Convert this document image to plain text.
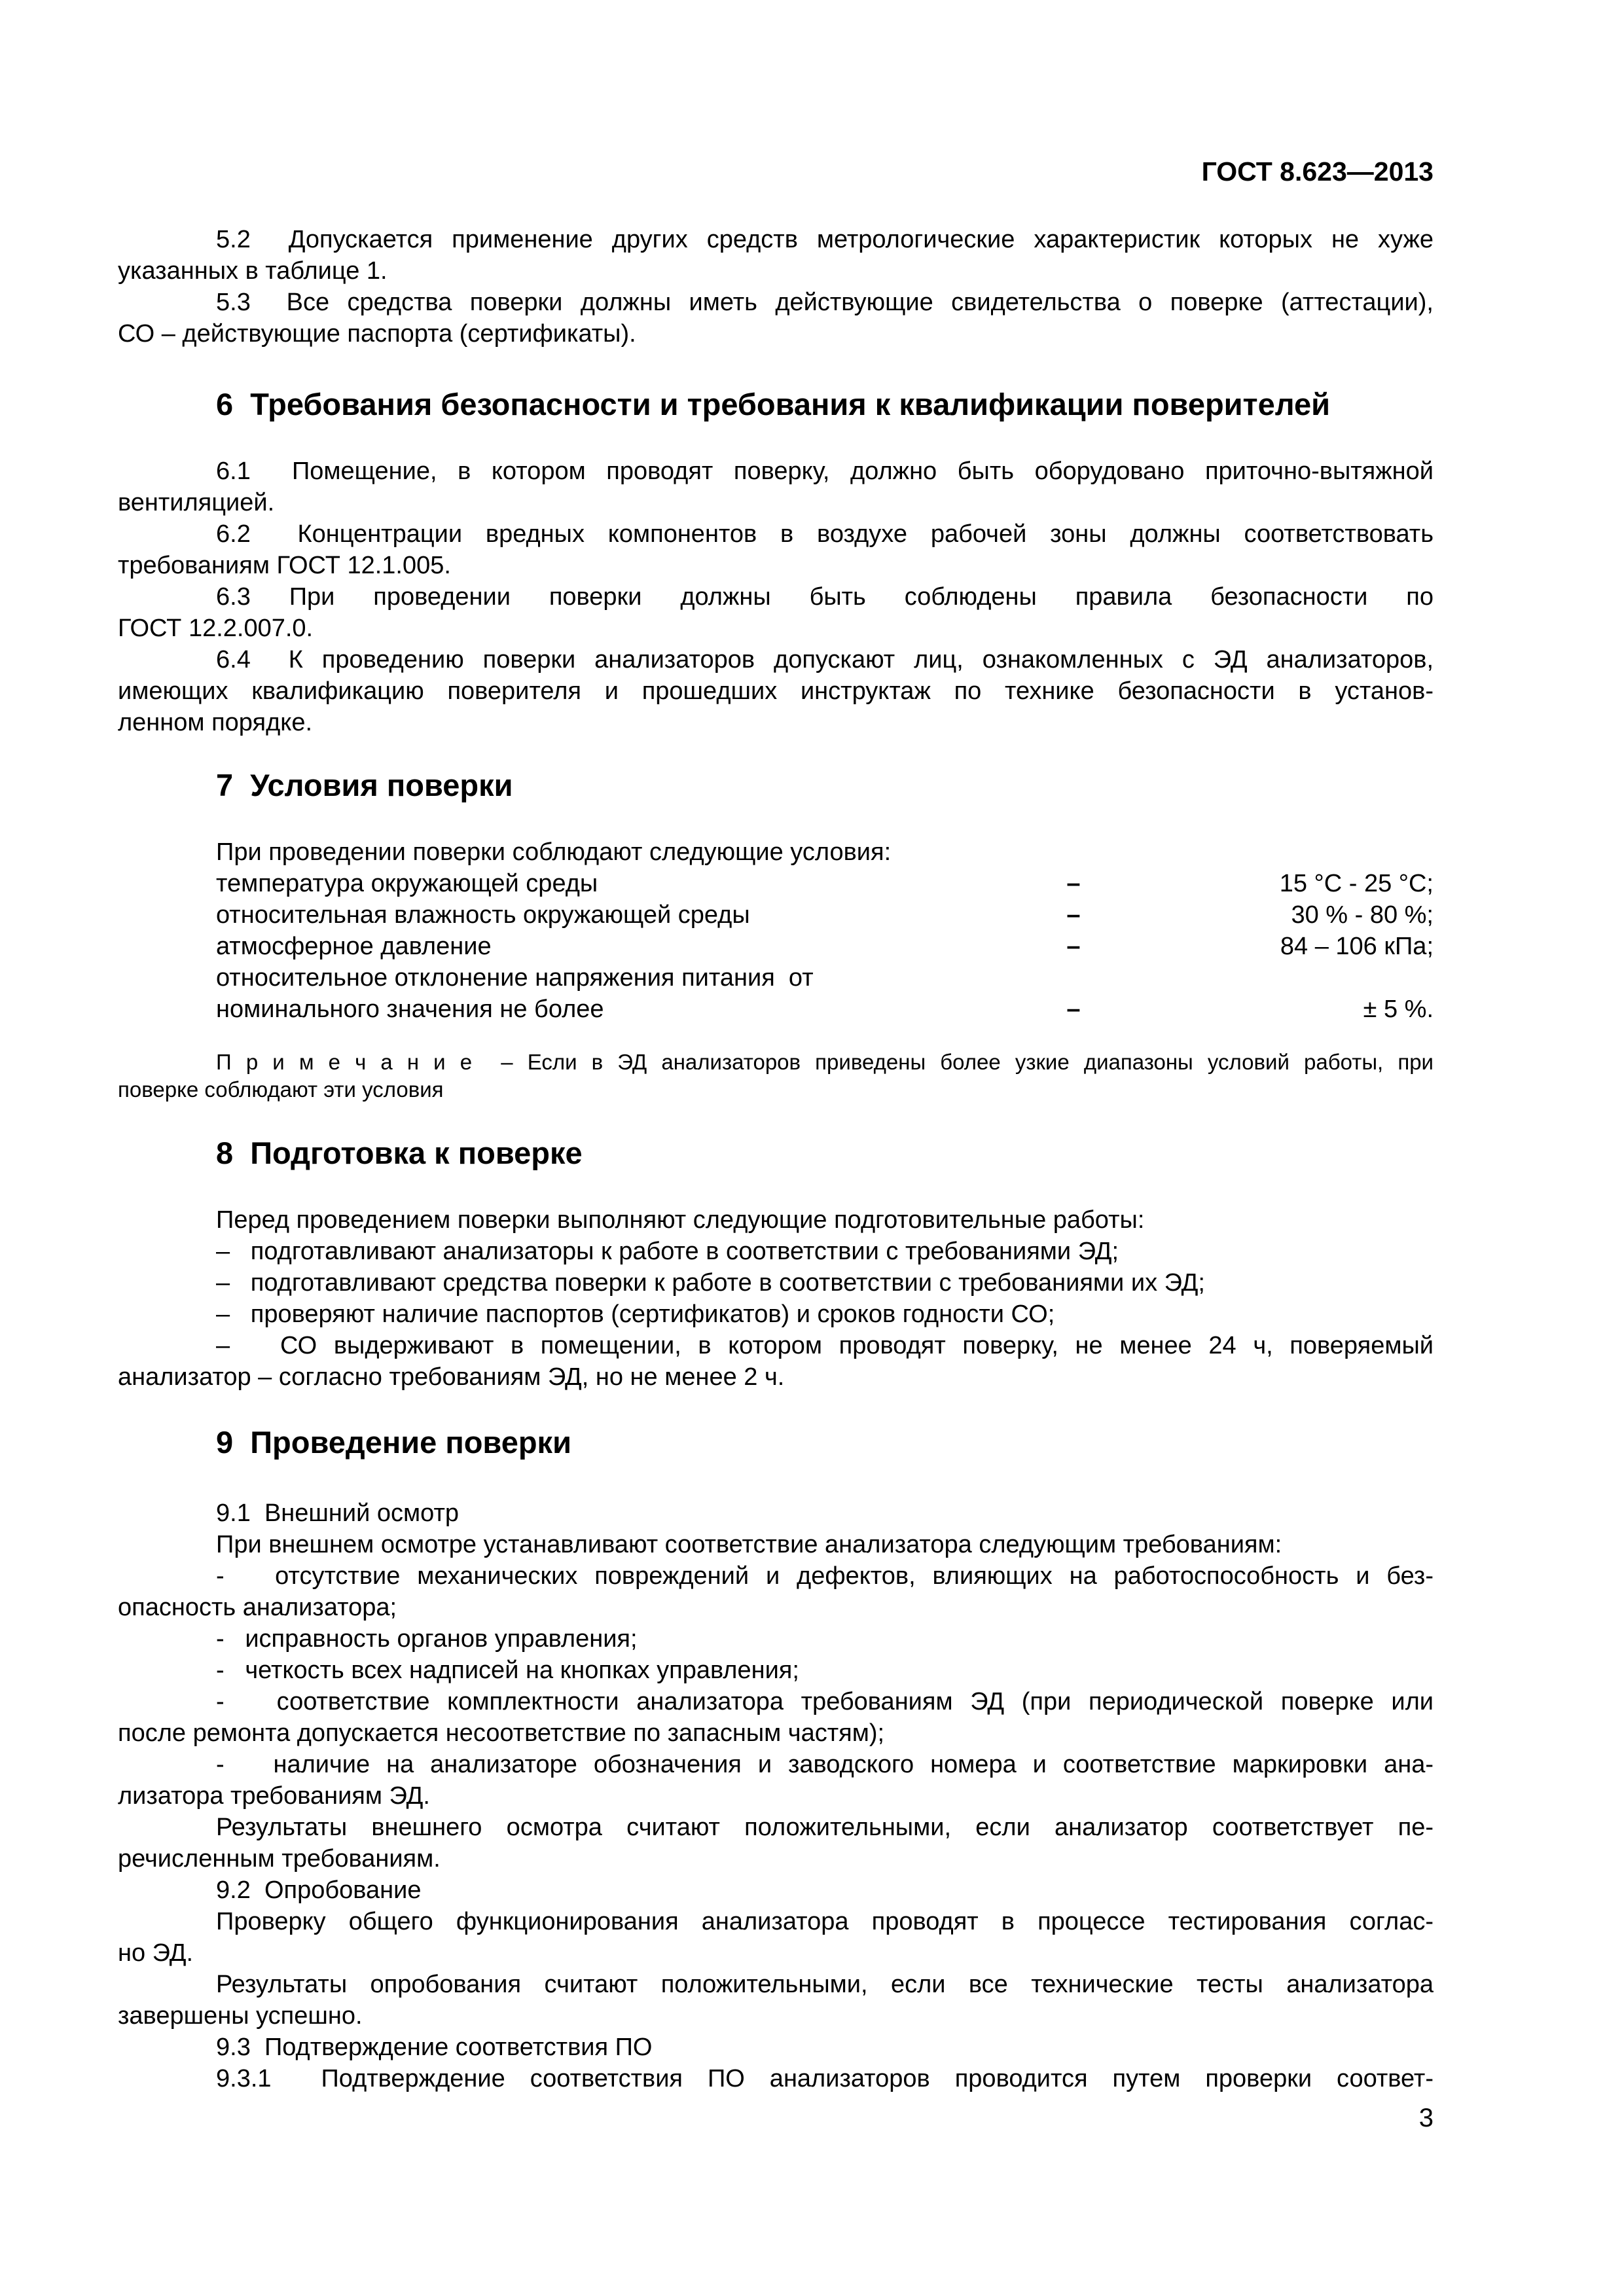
ГОСТ 8.623—2013
5.2  Допускается применение других средств метрологические характеристик которых не хуже
указанных в таблице 1.
5.3  Все средства поверки должны иметь действующие свидетельства о поверке (аттестации),
СО – действующие паспорта (сертификаты).
6  Требования безопасности и требования к квалификации поверителей
6.1  Помещение, в котором проводят поверку, должно быть оборудовано приточно-вытяжной
вентиляцией.
6.2  Концентрации вредных компонентов в воздухе рабочей зоны должны соответствовать
требованиям ГОСТ 12.1.005.
6.3 При проведении поверки должны быть соблюдены правила безопасности по
ГОСТ 12.2.007.0.
6.4  К проведению поверки анализаторов допускают лиц, ознакомленных с ЭД анализаторов,
имеющих квалификацию поверителя и прошедших инструктаж по технике безопасности в установ-
ленном порядке.
7  Условия поверки
При проведении поверки соблюдают следующие условия:
температура окружающей среды	–	15 °С - 25 °С;
относительная влажность окружающей среды	–	30 % - 80 %;
атмосферное давление	–	84 – 106 кПа;
относительное отклонение напряжения питания  от
номинального значения не более	–	± 5 %.
П р и м е ч а н и е  – Если в ЭД анализаторов приведены более узкие диапазоны условий работы, при
поверке соблюдают эти условия
8  Подготовка к поверке
Перед проведением поверки выполняют следующие подготовительные работы:
–   подготавливают анализаторы к работе в соответствии с требованиями ЭД;
–   подготавливают средства поверки к работе в соответствии с требованиями их ЭД;
–   проверяют наличие паспортов (сертификатов) и сроков годности СО;
–   СО выдерживают в помещении, в котором проводят поверку, не менее 24 ч, поверяемый
анализатор – согласно требованиям ЭД, но не менее 2 ч.
9  Проведение поверки
9.1  Внешний осмотр
При внешнем осмотре устанавливают соответствие анализатора следующим требованиям:
-   отсутствие механических повреждений и дефектов, влияющих на работоспособность и без-
опасность анализатора;
-   исправность органов управления;
-   четкость всех надписей на кнопках управления;
-   соответствие комплектности анализатора требованиям ЭД (при периодической поверке или
после ремонта допускается несоответствие по запасным частям);
-   наличие на анализаторе обозначения и заводского номера и соответствие маркировки ана-
лизатора требованиям ЭД.
Результаты внешнего осмотра считают положительными, если анализатор соответствует пе-
речисленным требованиям.
9.2  Опробование
Проверку общего функционирования анализатора проводят в процессе тестирования соглас-
но ЭД.
Результаты опробования считают положительными, если все технические тесты анализатора
завершены успешно.
9.3  Подтверждение соответствия ПО
9.3.1  Подтверждение соответствия ПО анализаторов проводится путем проверки соответ-
3
